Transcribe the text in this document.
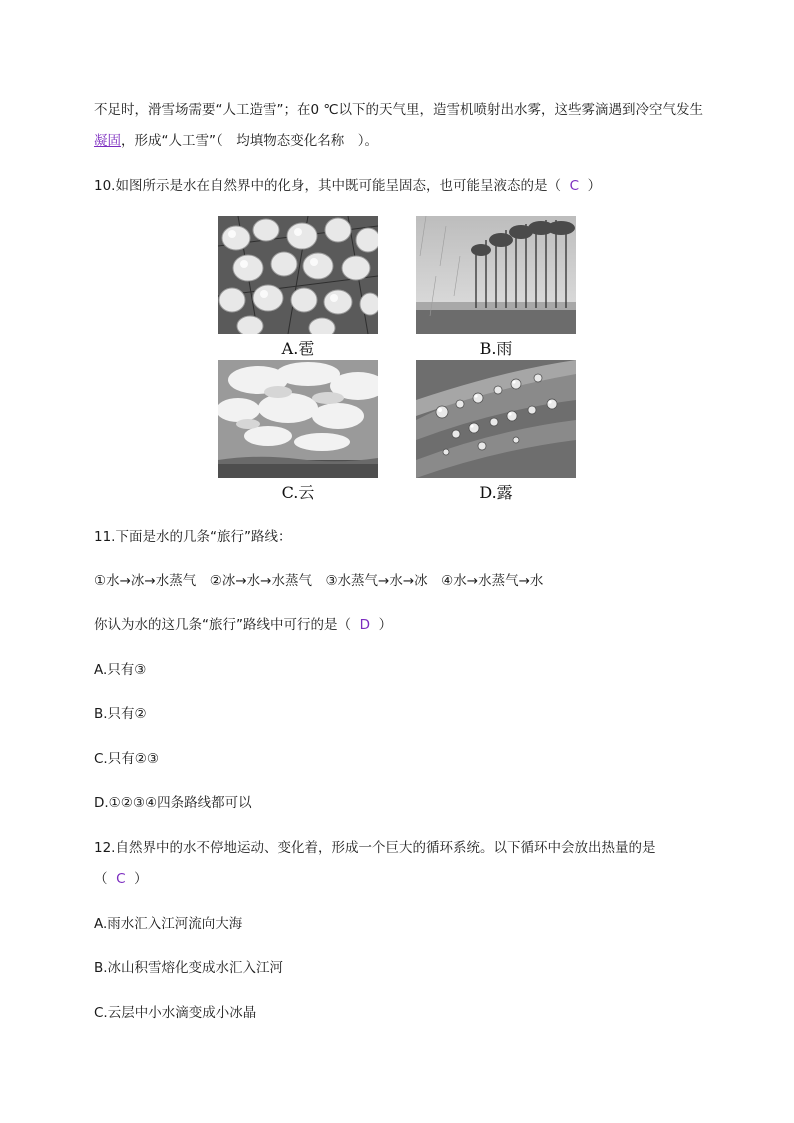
不足时，滑雪场需要“人工造雪”；在0 ℃以下的天气里，造雪机喷射出水雾，这些雾滴遇到冷空气发生
凝固，形成“人工雪”（　均填物态变化名称　）。
10.如图所示是水在自然界中的化身，其中既可能呈固态，也可能呈液态的是（ C ）
A.雹	B.雨
C.云	D.露
11.下面是水的几条“旅行”路线：
①水→冰→水蒸气　②冰→水→水蒸气　③水蒸气→水→冰　④水→水蒸气→水
你认为水的这几条“旅行”路线中可行的是（ D ）
A.只有③
B.只有②
C.只有②③
D.①②③④四条路线都可以
12.自然界中的水不停地运动、变化着，形成一个巨大的循环系统。以下循环中会放出热量的是
（ C ）
A.雨水汇入江河流向大海
B.冰山积雪熔化变成水汇入江河
C.云层中小水滴变成小冰晶
